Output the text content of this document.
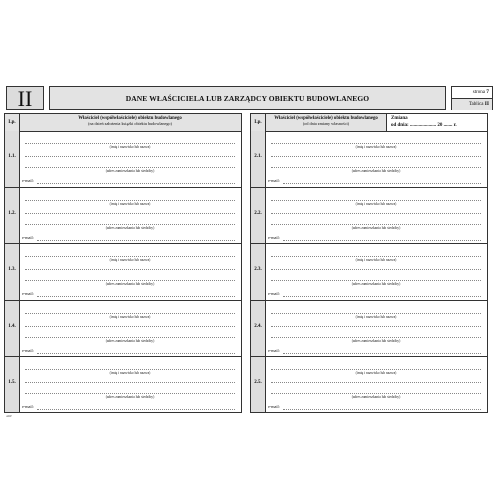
II	DANE WŁAŚCICIELA LUB ZARZĄDCY OBIEKTU BUDOWLANEGO
strona 7
Tablica II
Lp.
Właściciel (współwłaściciele) obiektu budowlanego
(na dzień założenia książki obiektu budowlanego)
1.1.
(imię i nazwisko lub nazwa)
(adres zamieszkania lub siedziby)
e-mail:
1.2.
(imię i nazwisko lub nazwa)
(adres zamieszkania lub siedziby)
e-mail:
1.3.
(imię i nazwisko lub nazwa)
(adres zamieszkania lub siedziby)
e-mail:
1.4.
(imię i nazwisko lub nazwa)
(adres zamieszkania lub siedziby)
e-mail:
1.5.
(imię i nazwisko lub nazwa)
(adres zamieszkania lub siedziby)
e-mail:
Lp.
Właściciel (współwłaściciele) obiektu budowlanego
(od dnia zmiany własności)
Zmiana
od dnia: ..................... 20 ....... r.
2.1.
(imię i nazwisko lub nazwa)
(adres zamieszkania lub siedziby)
e-mail:
2.2.
(imię i nazwisko lub nazwa)
(adres zamieszkania lub siedziby)
e-mail:
2.3.
(imię i nazwisko lub nazwa)
(adres zamieszkania lub siedziby)
e-mail:
2.4.
(imię i nazwisko lub nazwa)
(adres zamieszkania lub siedziby)
e-mail:
2.5.
(imię i nazwisko lub nazwa)
(adres zamieszkania lub siedziby)
e-mail:
ARP
